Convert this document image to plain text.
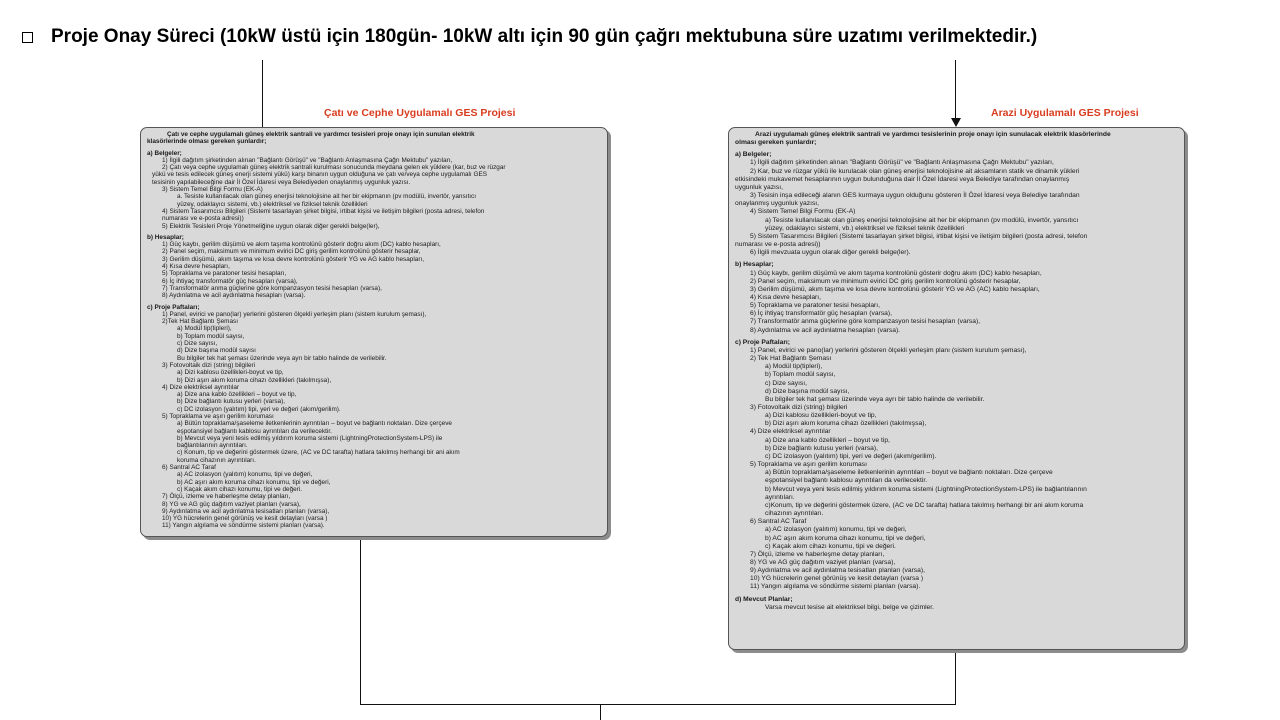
Proje Onay Süreci (10kW üstü için 180gün- 10kW altı için 90 gün çağrı mektubuna süre uzatımı verilmektedir.)
Çatı ve Cephe Uygulamalı GES Projesi	Arazi Uygulamalı GES Projesi
Çatı ve cephe uygulamalı güneş elektrik santrali ve yardımcı tesisleri proje onayı için sunulan elektrik
klasörlerinde olması gereken şunlardır;
a) Belgeler;
1) İlgili dağıtım şirketinden alınan "Bağlantı Görüşü" ve "Bağlantı Anlaşmasına Çağrı Mektubu" yazıları,
2) Çatı veya cephe uygulamalı güneş elektrik santrali kurulması sonucunda meydana gelen ek yüklere (kar, buz ve rüzgar
yükü ve tesis edilecek güneş enerji sistemi yükü) karşı binanın uygun olduğuna ve çatı ve/veya cephe uygulamalı GES
tesisinin yapılabileceğine dair İl Özel İdaresi veya Belediyeden onaylanmış uygunluk yazısı.
3) Sistem Temel Bilgi Formu (EK-A)
a. Tesiste kullanılacak olan güneş enerjisi teknolojisine ait her bir ekipmanın (pv modülü, invertör, yansıtıcı
yüzey, odaklayıcı sistemi, vb.) elektriksel ve fiziksel teknik özellikleri
4) Sistem Tasarımcısı Bilgileri (Sistemi tasarlayan şirket bilgisi, irtibat kişisi ve iletişim bilgileri (posta adresi, telefon
numarası ve e-posta adresi))
5) Elektrik Tesisleri Proje Yönetmeliğine uygun olarak diğer gerekli belge(ler),
b) Hesaplar;
1) Güç kaybı, gerilim düşümü ve akım taşıma kontrolünü gösterir doğru akım (DC) kablo hesapları,
2) Panel seçim, maksimum ve minimum evirici DC giriş gerilim kontrolünü gösterir hesaplar,
3) Gerilim düşümü, akım taşıma ve kısa devre kontrolünü gösterir YG ve AG kablo hesapları,
4) Kısa devre hesapları,
5) Topraklama ve paratoner tesisi hesapları,
6) İç ihtiyaç transformatör güç hesapları (varsa),
7) Transformatör anma güçlerine göre kompanzasyon tesisi hesapları (varsa),
8) Aydınlatma ve acil aydınlatma hesapları (varsa).
c) Proje Paftaları;
1) Panel, evirici ve pano(lar) yerlerini gösteren ölçekli yerleşim planı (sistem kurulum şeması),
2)Tek Hat Bağlantı Şeması
a) Modül tip(tipleri),
b) Toplam modül sayısı,
c) Dize sayısı,
d) Dize başına modül sayısı
Bu bilgiler tek hat şeması üzerinde veya ayrı bir tablo halinde de verilebilir.
3) Fotovoltaik dizi (string) bilgileri
a) Dizi kablosu özellikleri-boyut ve tip,
b) Dizi aşırı akım koruma cihazı özellikleri (takılmışsa),
4) Dize elektriksel ayrıntılar
a) Dize ana kablo özellikleri – boyut ve tip,
b) Dize bağlantı kutusu yerleri (varsa),
c) DC izolasyon (yalıtım) tipi, yeri ve değeri (akım/gerilim).
5) Topraklama ve aşırı gerilim koruması
a) Bütün topraklama/şaseleme iletkenlerinin ayrıntıları – boyut ve bağlantı noktaları. Dize çerçeve
eşpotansiyel bağlantı kablosu ayrıntıları da verilecektir.
b) Mevcut veya yeni tesis edilmiş yıldırım koruma sistemi (LightningProtectionSystem-LPS) ile
bağlantılarının ayrıntıları.
c) Konum, tip ve değerini göstermek üzere, (AC ve DC tarafta) hatlara takılmış herhangi bir ani akım
koruma cihazının ayrıntıları.
6) Santral AC Taraf
a) AC izolasyon (yalıtım) konumu, tipi ve değeri,
b) AC aşırı akım koruma cihazı konumu, tipi ve değeri,
c) Kaçak akım cihazı konumu, tipi ve değeri.
7) Ölçü, izleme ve haberleşme detay planları,
8) YG ve AG güç dağıtım vaziyet planları (varsa),
9) Aydınlatma ve acil aydınlatma tesisatları planları (varsa),
10) YG hücrelerin genel görünüş ve kesit detayları (varsa )
11) Yangın algılama ve söndürme sistemi planları (varsa).
Arazi uygulamalı güneş elektrik santrali ve yardımcı tesislerinin proje onayı için sunulacak elektrik klasörlerinde
olması gereken şunlardır;
a) Belgeler;
1) İlgili dağıtım şirketinden alınan "Bağlantı Görüşü" ve "Bağlantı Anlaşmasına Çağrı Mektubu" yazıları,
2) Kar, buz ve rüzgar yükü ile kurulacak olan güneş enerjisi teknolojisine ait aksamların statik ve dinamik yükleri
etkisindeki mukavemet hesaplarının uygun bulunduğuna dair İl Özel İdaresi veya Belediye tarafından onaylanmış
uygunluk yazısı,
3) Tesisin inşa edileceği alanın GES kurmaya uygun olduğunu gösteren İl Özel İdaresi veya Belediye tarafından
onaylanmış uygunluk yazısı,
4) Sistem Temel Bilgi Formu (EK-A)
a) Tesiste kullanılacak olan güneş enerjisi teknolojisine ait her bir ekipmanın (pv modülü, invertör, yansıtıcı
yüzey, odaklayıcı sistemi, vb.) elektriksel ve fiziksel teknik özellikleri
5) Sistem Tasarımcısı Bilgileri (Sistemi tasarlayan şirket bilgisi, irtibat kişisi ve iletişim bilgileri (posta adresi, telefon
numarası ve e-posta adresi))
6) İlgili mevzuata uygun olarak diğer gerekli belge(ler).
b) Hesaplar;
1) Güç kaybı, gerilim düşümü ve akım taşıma kontrolünü gösterir doğru akım (DC) kablo hesapları,
2) Panel seçim, maksimum ve minimum evirici DC giriş gerilim kontrolünü gösterir hesaplar,
3) Gerilim düşümü, akım taşıma ve kısa devre kontrolünü gösterir YG ve AG (AC) kablo hesapları,
4) Kısa devre hesapları,
5) Topraklama ve paratoner tesisi hesapları,
6) İç ihtiyaç transformatör güç hesapları (varsa),
7) Transformatör anma güçlerine göre kompanzasyon tesisi hesapları (varsa),
8) Aydınlatma ve acil aydınlatma hesapları (varsa).
c) Proje Paftaları;
1) Panel, evirici ve pano(lar) yerlerini gösteren ölçekli yerleşim planı (sistem kurulum şeması),
2) Tek Hat Bağlantı Şeması
a) Modül tip(tipleri),
b) Toplam modül sayısı,
c) Dize sayısı,
d) Dize başına modül sayısı,
Bu bilgiler tek hat şeması üzerinde veya ayrı bir tablo halinde de verilebilir.
3) Fotovoltaik dizi (string) bilgileri
a) Dizi kablosu özellikleri-boyut ve tip,
b) Dizi aşırı akım koruma cihazı özellikleri (takılmışsa),
4) Dize elektriksel ayrıntılar
a) Dize ana kablo özellikleri – boyut ve tip,
b) Dize bağlantı kutusu yerleri (varsa),
c) DC izolasyon (yalıtım) tipi, yeri ve değeri (akım/gerilim).
5) Topraklama ve aşırı gerilim koruması
a) Bütün topraklama/şaseleme iletkenlerinin ayrıntıları – boyut ve bağlantı noktaları. Dize çerçeve
eşpotansiyel bağlantı kablosu ayrıntıları da verilecektir.
b) Mevcut veya yeni tesis edilmiş yıldırım koruma sistemi (LightningProtectionSystem-LPS) ile bağlantılarının
ayrıntıları.
c)Konum, tip ve değerini göstermek üzere, (AC ve DC tarafta) hatlara takılmış herhangi bir ani akım koruma
cihazının ayrıntıları.
6) Santral AC Taraf
a) AC izolasyon (yalıtım) konumu, tipi ve değeri,
b) AC aşırı akım koruma cihazı konumu, tipi ve değeri,
c) Kaçak akım cihazı konumu, tipi ve değeri.
7) Ölçü, izleme ve haberleşme detay planları,
8) YG ve AG güç dağıtım vaziyet planları (varsa),
9) Aydınlatma ve acil aydınlatma tesisatları planları (varsa),
10) YG hücrelerin genel görünüş ve kesit detayları (varsa )
11) Yangın algılama ve söndürme sistemi planları (varsa).
d) Mevcut Planlar;
Varsa mevcut tesise ait elektriksel bilgi, belge ve çizimler.
